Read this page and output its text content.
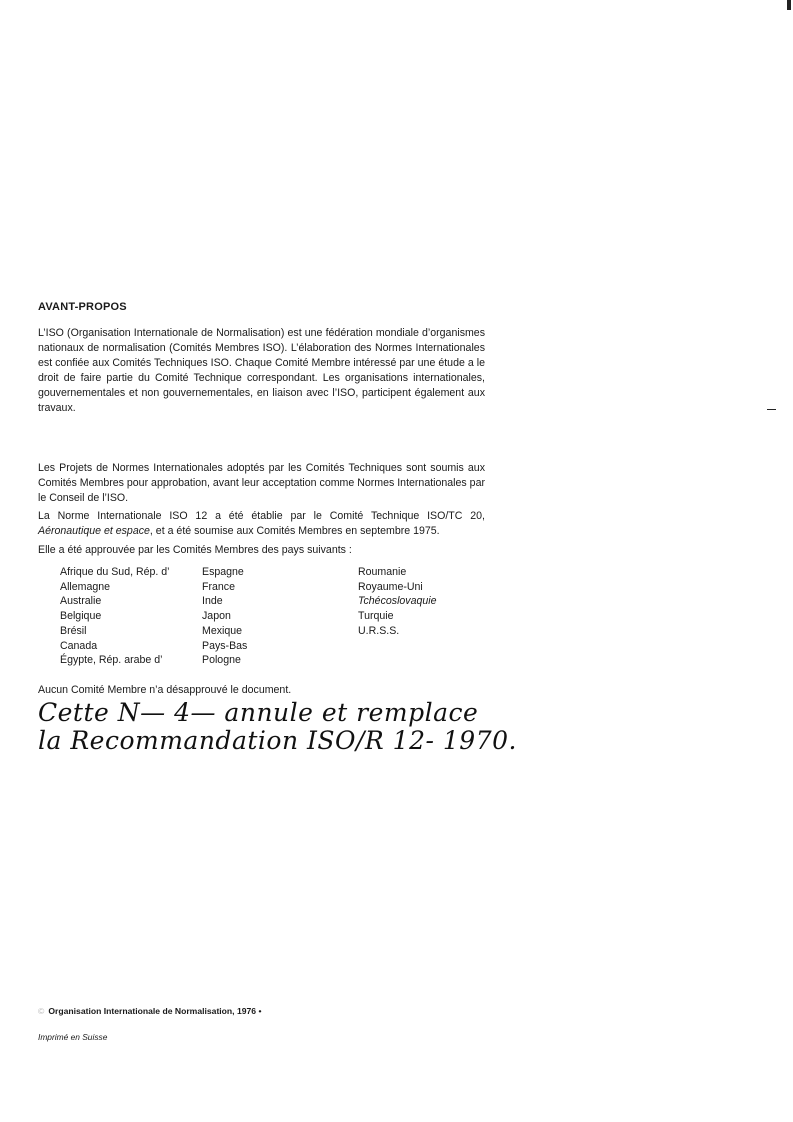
AVANT-PROPOS
L’ISO (Organisation Internationale de Normalisation) est une fédération mondiale d’organismes nationaux de normalisation (Comités Membres ISO). L’élaboration des Normes Internationales est confiée aux Comités Techniques ISO. Chaque Comité Membre intéressé par une étude a le droit de faire partie du Comité Technique correspondant. Les organisations internationales, gouvernementales et non gouvernementales, en liaison avec l’ISO, participent également aux travaux.
Les Projets de Normes Internationales adoptés par les Comités Techniques sont soumis aux Comités Membres pour approbation, avant leur acceptation comme Normes Internationales par le Conseil de l’ISO.
La Norme Internationale ISO 12 a été établie par le Comité Technique ISO/TC 20, Aéronautique et espace, et a été soumise aux Comités Membres en septembre 1975.
Elle a été approuvée par les Comités Membres des pays suivants :
Afrique du Sud, Rép. d’
Allemagne
Australie
Belgique
Brésil
Canada
Égypte, Rép. arabe d’
Espagne
France
Inde
Japon
Mexique
Pays-Bas
Pologne
Roumanie
Royaume-Uni
Tchécoslovaquie
Turquie
U.R.S.S.
Aucun Comité Membre n’a désapprouvé le document.
Cette N— 4— annule et remplace
la Recommandation ISO/R 12- 1970.
© Organisation Internationale de Normalisation, 1976 •
Imprimé en Suisse
